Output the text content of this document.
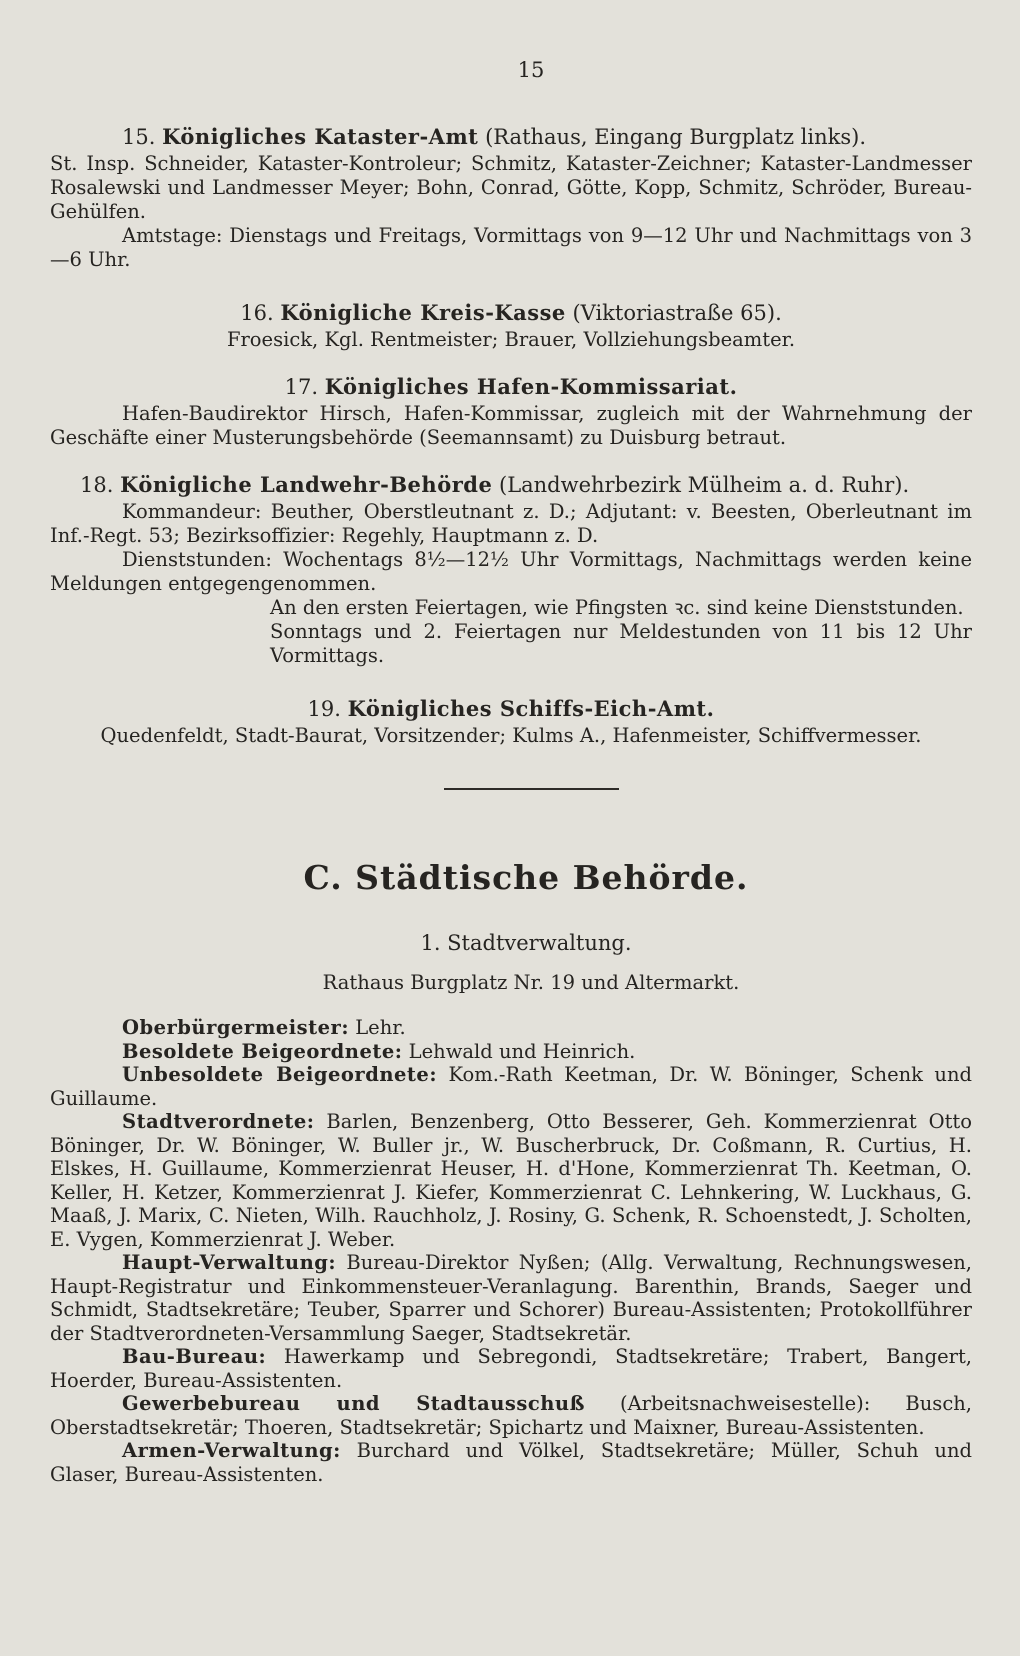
15
15. Königliches Kataster-Amt (Rathaus, Eingang Burgplatz links).

St. Insp. Schneider, Kataster-Kontroleur; Schmitz, Kataster-Zeichner; Kataster-Landmesser Rosalewski und Landmesser Meyer; Bohn, Conrad, Götte, Kopp, Schmitz, Schröder, Bureau-Gehülfen.

Amtstage: Dienstags und Freitags, Vormittags von 9—12 Uhr und Nachmittags von 3—6 Uhr.

16. Königliche Kreis-Kasse (Viktoriastraße 65).

Froesick, Kgl. Rentmeister; Brauer, Vollziehungsbeamter.

17. Königliches Hafen-Kommissariat.

Hafen-Baudirektor Hirsch, Hafen-Kommissar, zugleich mit der Wahrnehmung der Geschäfte einer Musterungsbehörde (Seemannsamt) zu Duisburg betraut.

18. Königliche Landwehr-Behörde (Landwehrbezirk Mülheim a. d. Ruhr).

Kommandeur: Beuther, Oberstleutnant z. D.; Adjutant: v. Beesten, Oberleutnant im Inf.-Regt. 53; Bezirksoffizier: Regehly, Hauptmann z. D.

Dienststunden: Wochentags 8½—12½ Uhr Vormittags, Nachmittags werden keine Meldungen entgegengenommen.

An den ersten Feiertagen, wie Pfingsten ꝛc. sind keine Dienststunden.

Sonntags und 2. Feiertagen nur Meldestunden von 11 bis 12 Uhr Vormittags.

19. Königliches Schiffs-Eich-Amt.

Quedenfeldt, Stadt-Baurat, Vorsitzender; Kulms A., Hafenmeister, Schiffvermesser.

C. Städtische Behörde.
1. Stadtverwaltung.
Rathaus Burgplatz Nr. 19 und Altermarkt.

Oberbürgermeister: Lehr.

Besoldete Beigeordnete: Lehwald und Heinrich.

Unbesoldete Beigeordnete: Kom.-Rath Keetman, Dr. W. Böninger, Schenk und Guillaume.

Stadtverordnete: Barlen, Benzenberg, Otto Besserer, Geh. Kommerzienrat Otto Böninger, Dr. W. Böninger, W. Buller jr., W. Buscherbruck, Dr. Coßmann, R. Curtius, H. Elskes, H. Guillaume, Kommerzienrat Heuser, H. d'Hone, Kommerzienrat Th. Keetman, O. Keller, H. Ketzer, Kommerzienrat J. Kiefer, Kommerzienrat C. Lehnkering, W. Luckhaus, G. Maaß, J. Marix, C. Nieten, Wilh. Rauchholz, J. Rosiny, G. Schenk, R. Schoenstedt, J. Scholten, E. Vygen, Kommerzienrat J. Weber.

Haupt-Verwaltung: Bureau-Direktor Nyßen; (Allg. Verwaltung, Rechnungswesen, Haupt-Registratur und Einkommensteuer-Veranlagung. Barenthin, Brands, Saeger und Schmidt, Stadtsekretäre; Teuber, Sparrer und Schorer) Bureau-Assistenten; Protokollführer der Stadtverordneten-Versammlung Saeger, Stadtsekretär.

Bau-Bureau: Hawerkamp und Sebregondi, Stadtsekretäre; Trabert, Bangert, Hoerder, Bureau-Assistenten.

Gewerbebureau und Stadtausschuß (Arbeitsnachweisestelle): Busch, Oberstadtsekretär; Thoeren, Stadtsekretär; Spichartz und Maixner, Bureau-Assistenten.

Armen-Verwaltung: Burchard und Völkel, Stadtsekretäre; Müller, Schuh und Glaser, Bureau-Assistenten.
